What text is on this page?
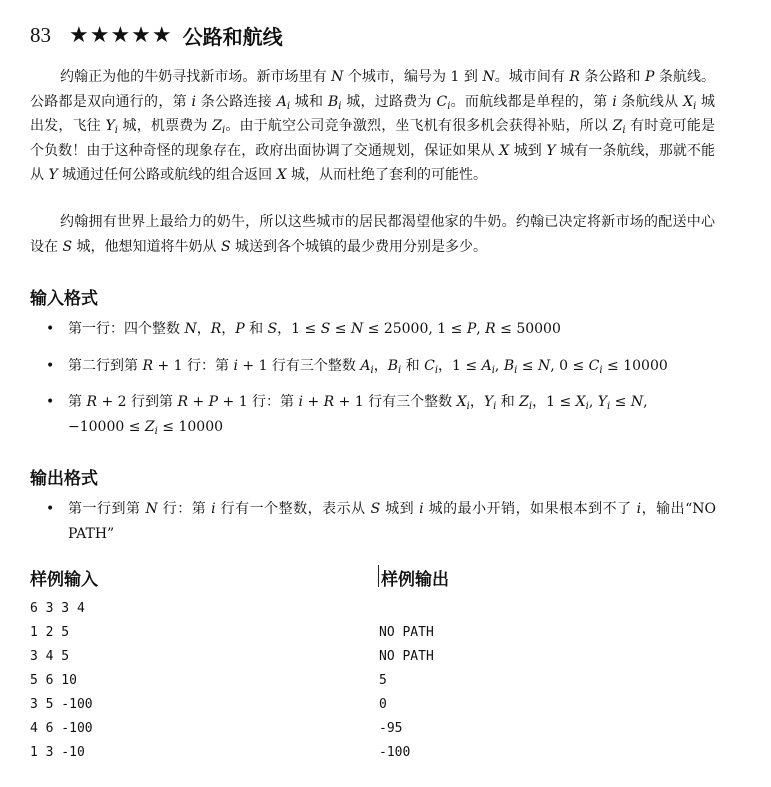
83 ★★★★★ 公路和航线
约翰正为他的牛奶寻找新市场。新市场里有 N 个城市，编号为 1 到 N。城市间有 R 条公路和 P 条航线。公路都是双向通行的，第 i 条公路连接 $A_i$ 城和 $B_i$ 城，过路费为 $C_i$。而航线都是单程的，第 i 条航线从 $X_i$ 城出发，飞往 $Y_i$ 城，机票费为 $Z_i$。由于航空公司竞争激烈，坐飞机有很多机会获得补贴，所以 $Z_i$ 有时竟可能是个负数！由于这种奇怪的现象存在，政府出面协调了交通规划，保证如果从 X 城到 Y 城有一条航线，那就不能从 Y 城通过任何公路或航线的组合返回 X 城，从而杜绝了套利的可能性。
约翰拥有世界上最给力的奶牛，所以这些城市的居民都渴望他家的牛奶。约翰已决定将新市场的配送中心设在 S 城，他想知道将牛奶从 S 城送到各个城镇的最少费用分别是多少。
输入格式
• 第一行：四个整数 N，R，P 和 S，1 ≤ S ≤ N ≤ 25000, 1 ≤ P, R ≤ 50000
• 第二行到第 R + 1 行：第 i + 1 行有三个整数 $A_i$，$B_i$ 和 $C_i$，$1 \le A_i$, $B_i \le N$, $0 \le C_i \le 10000$
• 第 R + 2 行到第 R + P + 1 行：第 i + R + 1 行有三个整数 $X_i$，$Y_i$ 和 $Z_i$，$1 \le X_i$, $Y_i \le N$,
$-10000 \le Z_i \le 10000$
输出格式
• 第一行到第 N 行：第 i 行有一个整数，表示从 S 城到 i 城的最小开销，如果根本到不了 i，输出“NO PATH”
样例输入	样例输出
6 3 3 4
1 2 5
3 4 5
5 6 10
3 5 -100
4 6 -100
1 3 -10
NO PATH
NO PATH
5
0
-95
-100
